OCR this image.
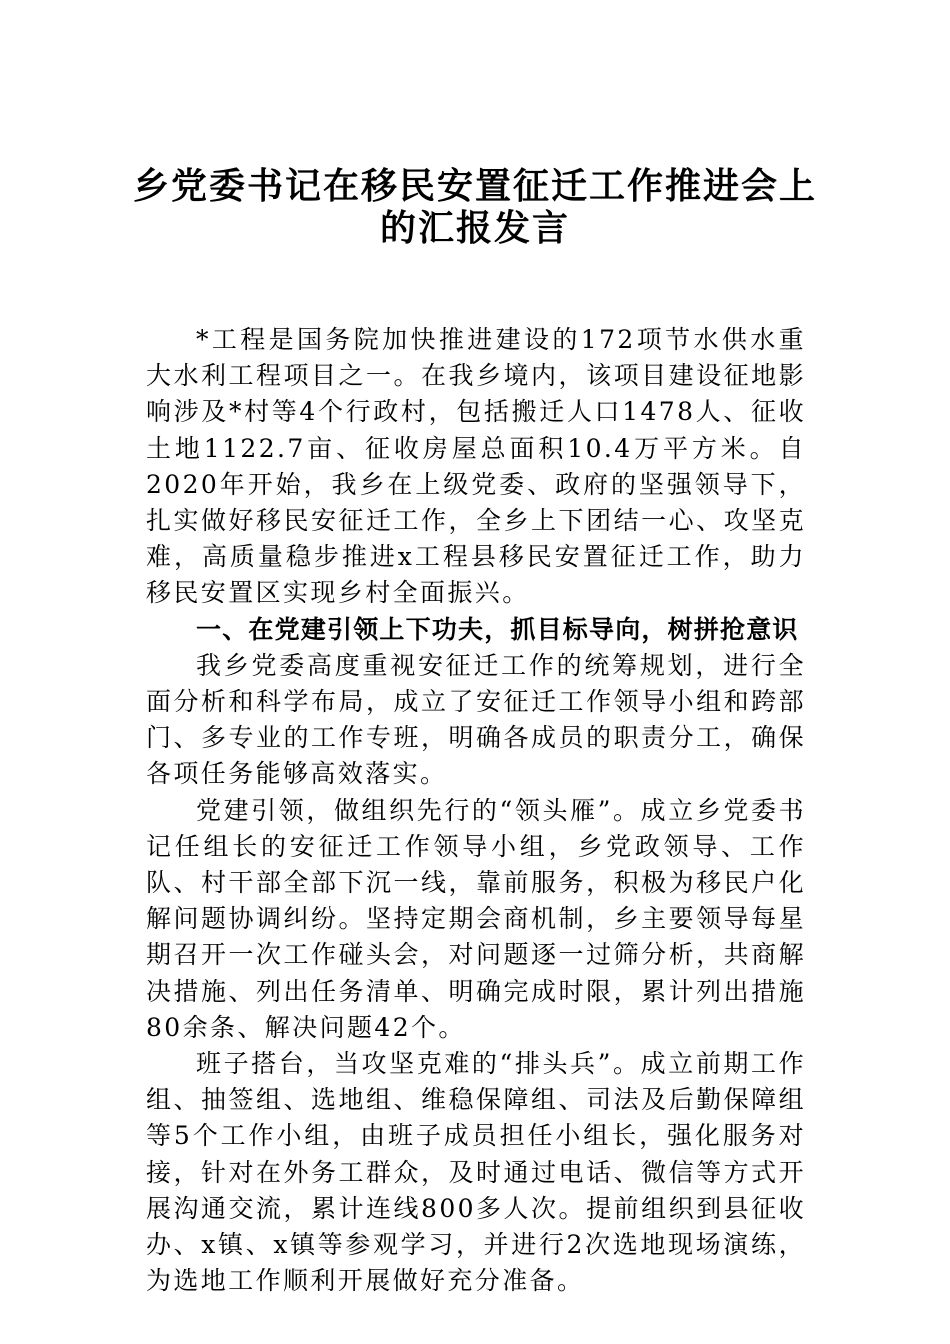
乡党委书记在移民安置征迁工作推进会上
的汇报发言

*工程是国务院加快推进建设的172项节水供水重大水利工程项目之一。在我乡境内，该项目建设征地影响涉及*村等4个行政村，包括搬迁人口1478人、征收土地1122.7亩、征收房屋总面积10.4万平方米。自2020年开始，我乡在上级党委、政府的坚强领导下，扎实做好移民安征迁工作，全乡上下团结一心、攻坚克难，高质量稳步推进x工程县移民安置征迁工作，助力移民安置区实现乡村全面振兴。

一、在党建引领上下功夫，抓目标导向，树拼抢意识

我乡党委高度重视安征迁工作的统筹规划，进行全面分析和科学布局，成立了安征迁工作领导小组和跨部门、多专业的工作专班，明确各成员的职责分工，确保各项任务能够高效落实。

党建引领，做组织先行的“领头雁”。成立乡党委书记任组长的安征迁工作领导小组，乡党政领导、工作队、村干部全部下沉一线，靠前服务，积极为移民户化解问题协调纠纷。坚持定期会商机制，乡主要领导每星期召开一次工作碰头会，对问题逐一过筛分析，共商解决措施、列出任务清单、明确完成时限，累计列出措施80余条、解决问题42个。

班子搭台，当攻坚克难的“排头兵”。成立前期工作组、抽签组、选地组、维稳保障组、司法及后勤保障组等5个工作小组，由班子成员担任小组长，强化服务对接，针对在外务工群众，及时通过电话、微信等方式开展沟通交流，累计连线800多人次。提前组织到县征收办、x镇、x镇等参观学习，并进行2次选地现场演练，为选地工作顺利开展做好充分准备。
